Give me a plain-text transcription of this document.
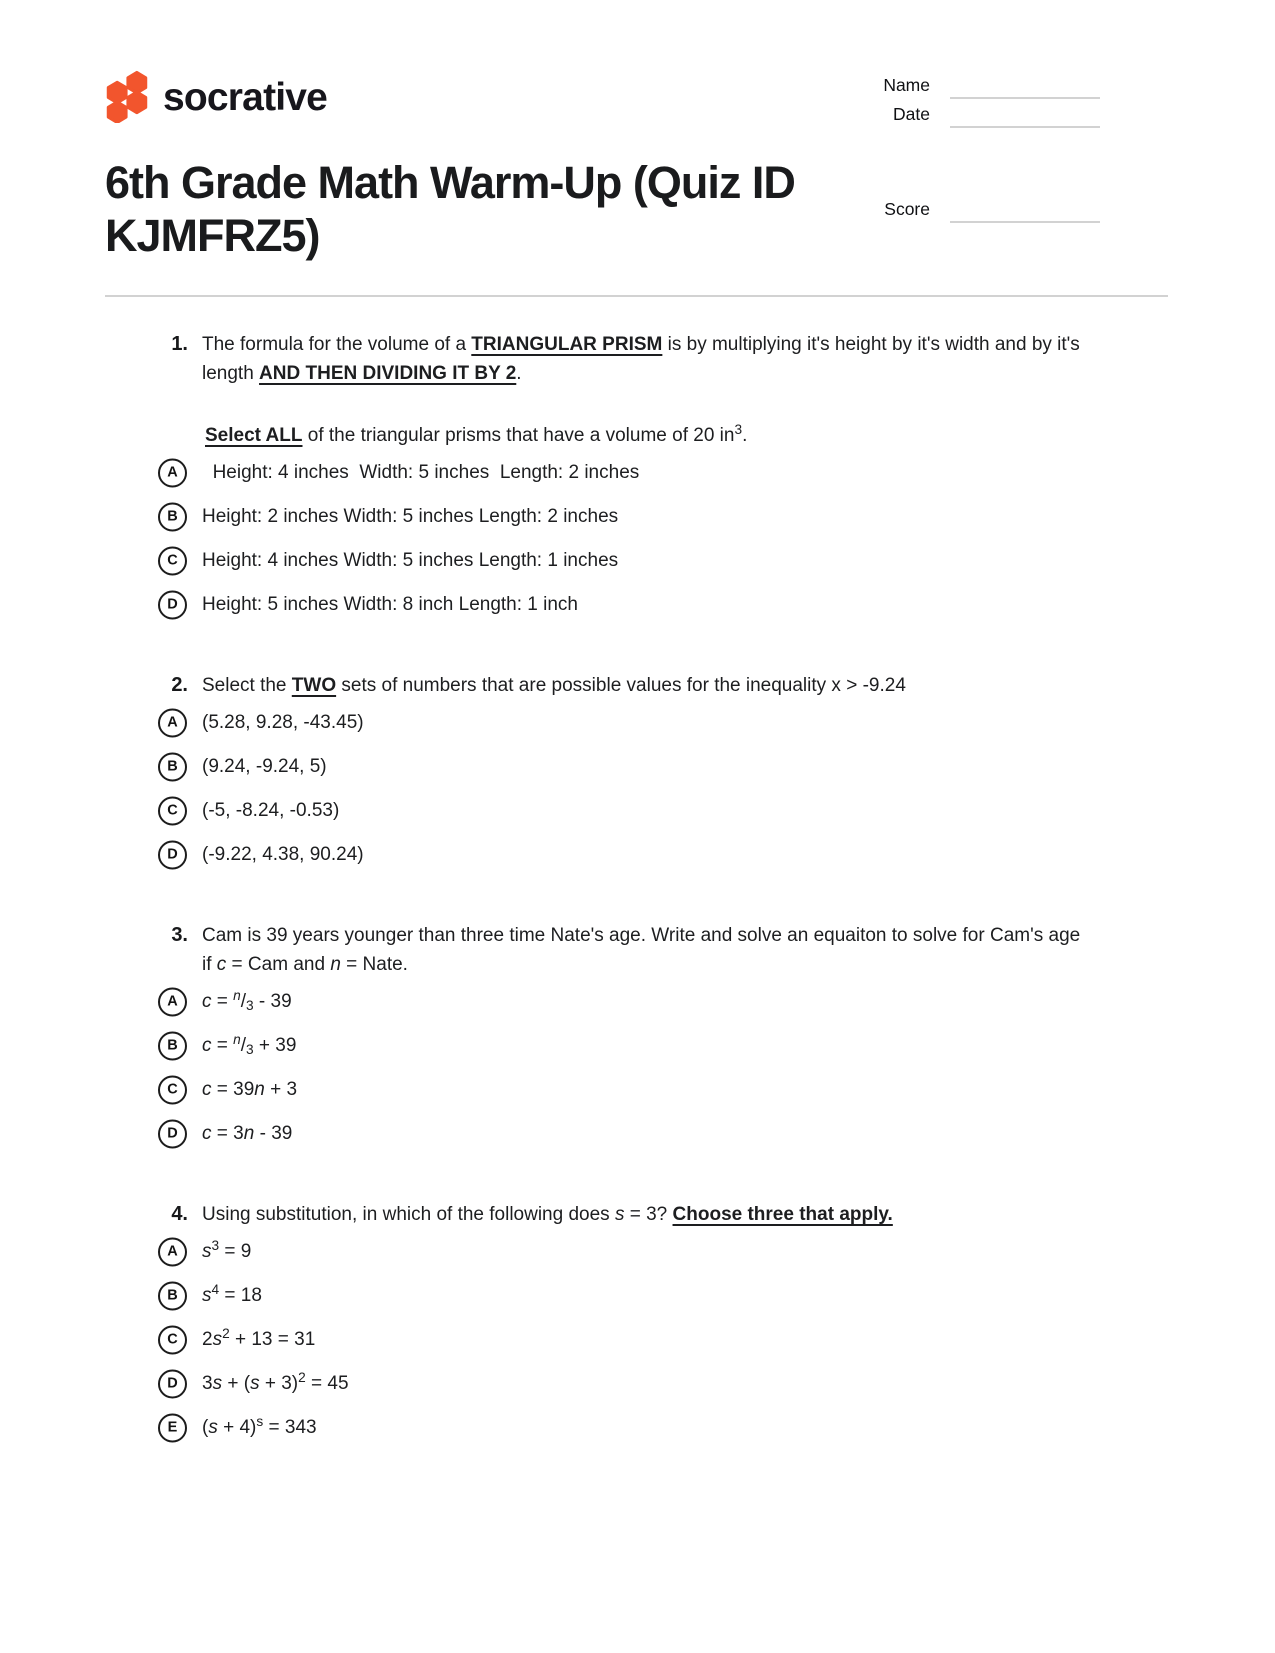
socrative	Name
Date
Score
6th Grade Math Warm-Up (Quiz ID KJMFRZ5)
1. The formula for the volume of a TRIANGULAR PRISM is by multiplying it's height by it's width and by it's length AND THEN DIVIDING IT BY 2.
Select ALL of the triangular prisms that have a volume of 20 $in^3$.
A Height: 4 inches  Width: 5 inches  Length: 2 inches
B Height: 2 inches Width: 5 inches Length: 2 inches
C Height: 4 inches Width: 5 inches Length: 1 inches
D Height: 5 inches Width: 8 inch Length: 1 inch
2. Select the TWO sets of numbers that are possible values for the inequality x > -9.24
A (5.28, 9.28, -43.45)
B (9.24, -9.24, 5)
C (-5, -8.24, -0.53)
D (-9.22, 4.38, 90.24)
3. Cam is 39 years younger than three time Nate's age. Write and solve an equaiton to solve for Cam's age if c = Cam and n = Nate.
A $c = ^n/_3 - 39$
B $c = ^n/_3 + 39$
C c = 39n + 3
D c = 3n - 39
4. Using substitution, in which of the following does s = 3? Choose three that apply.
A $s^3 = 9$
B $s^4 = 18$
C $2s^2 + 13 = 31$
D $3s + (s + 3)^2 = 45$
E $(s + 4)^s = 343$
